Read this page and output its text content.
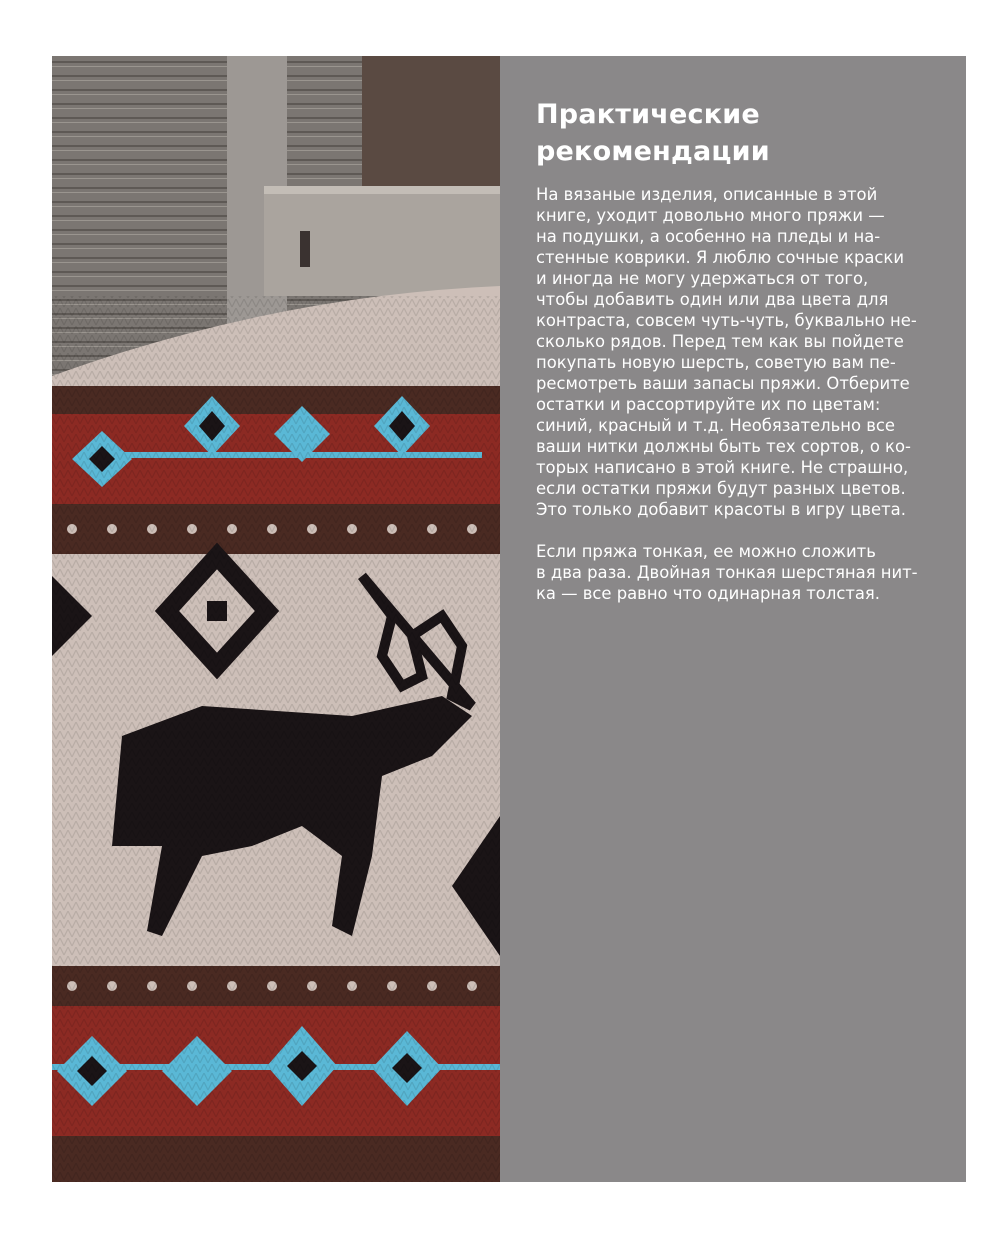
Практические
рекомендации

На вязаные изделия, описанные в этой
книге, уходит довольно много пряжи —
на подушки, а особенно на пледы и на-
стенные коврики. Я люблю сочные краски
и иногда не могу удержаться от того,
чтобы добавить один или два цвета для
контраста, совсем чуть-чуть, буквально не-
сколько рядов. Перед тем как вы пойдете
покупать новую шерсть, советую вам пе-
ресмотреть ваши запасы пряжи. Отберите
остатки и рассортируйте их по цветам:
синий, красный и т.д. Необязательно все
ваши нитки должны быть тех сортов, о ко-
торых написано в этой книге. Не страшно,
если остатки пряжи будут разных цветов.
Это только добавит красоты в игру цвета.

Если пряжа тонкая, ее можно сложить
в два раза. Двойная тонкая шерстяная нит-
ка — все равно что одинарная толстая.
